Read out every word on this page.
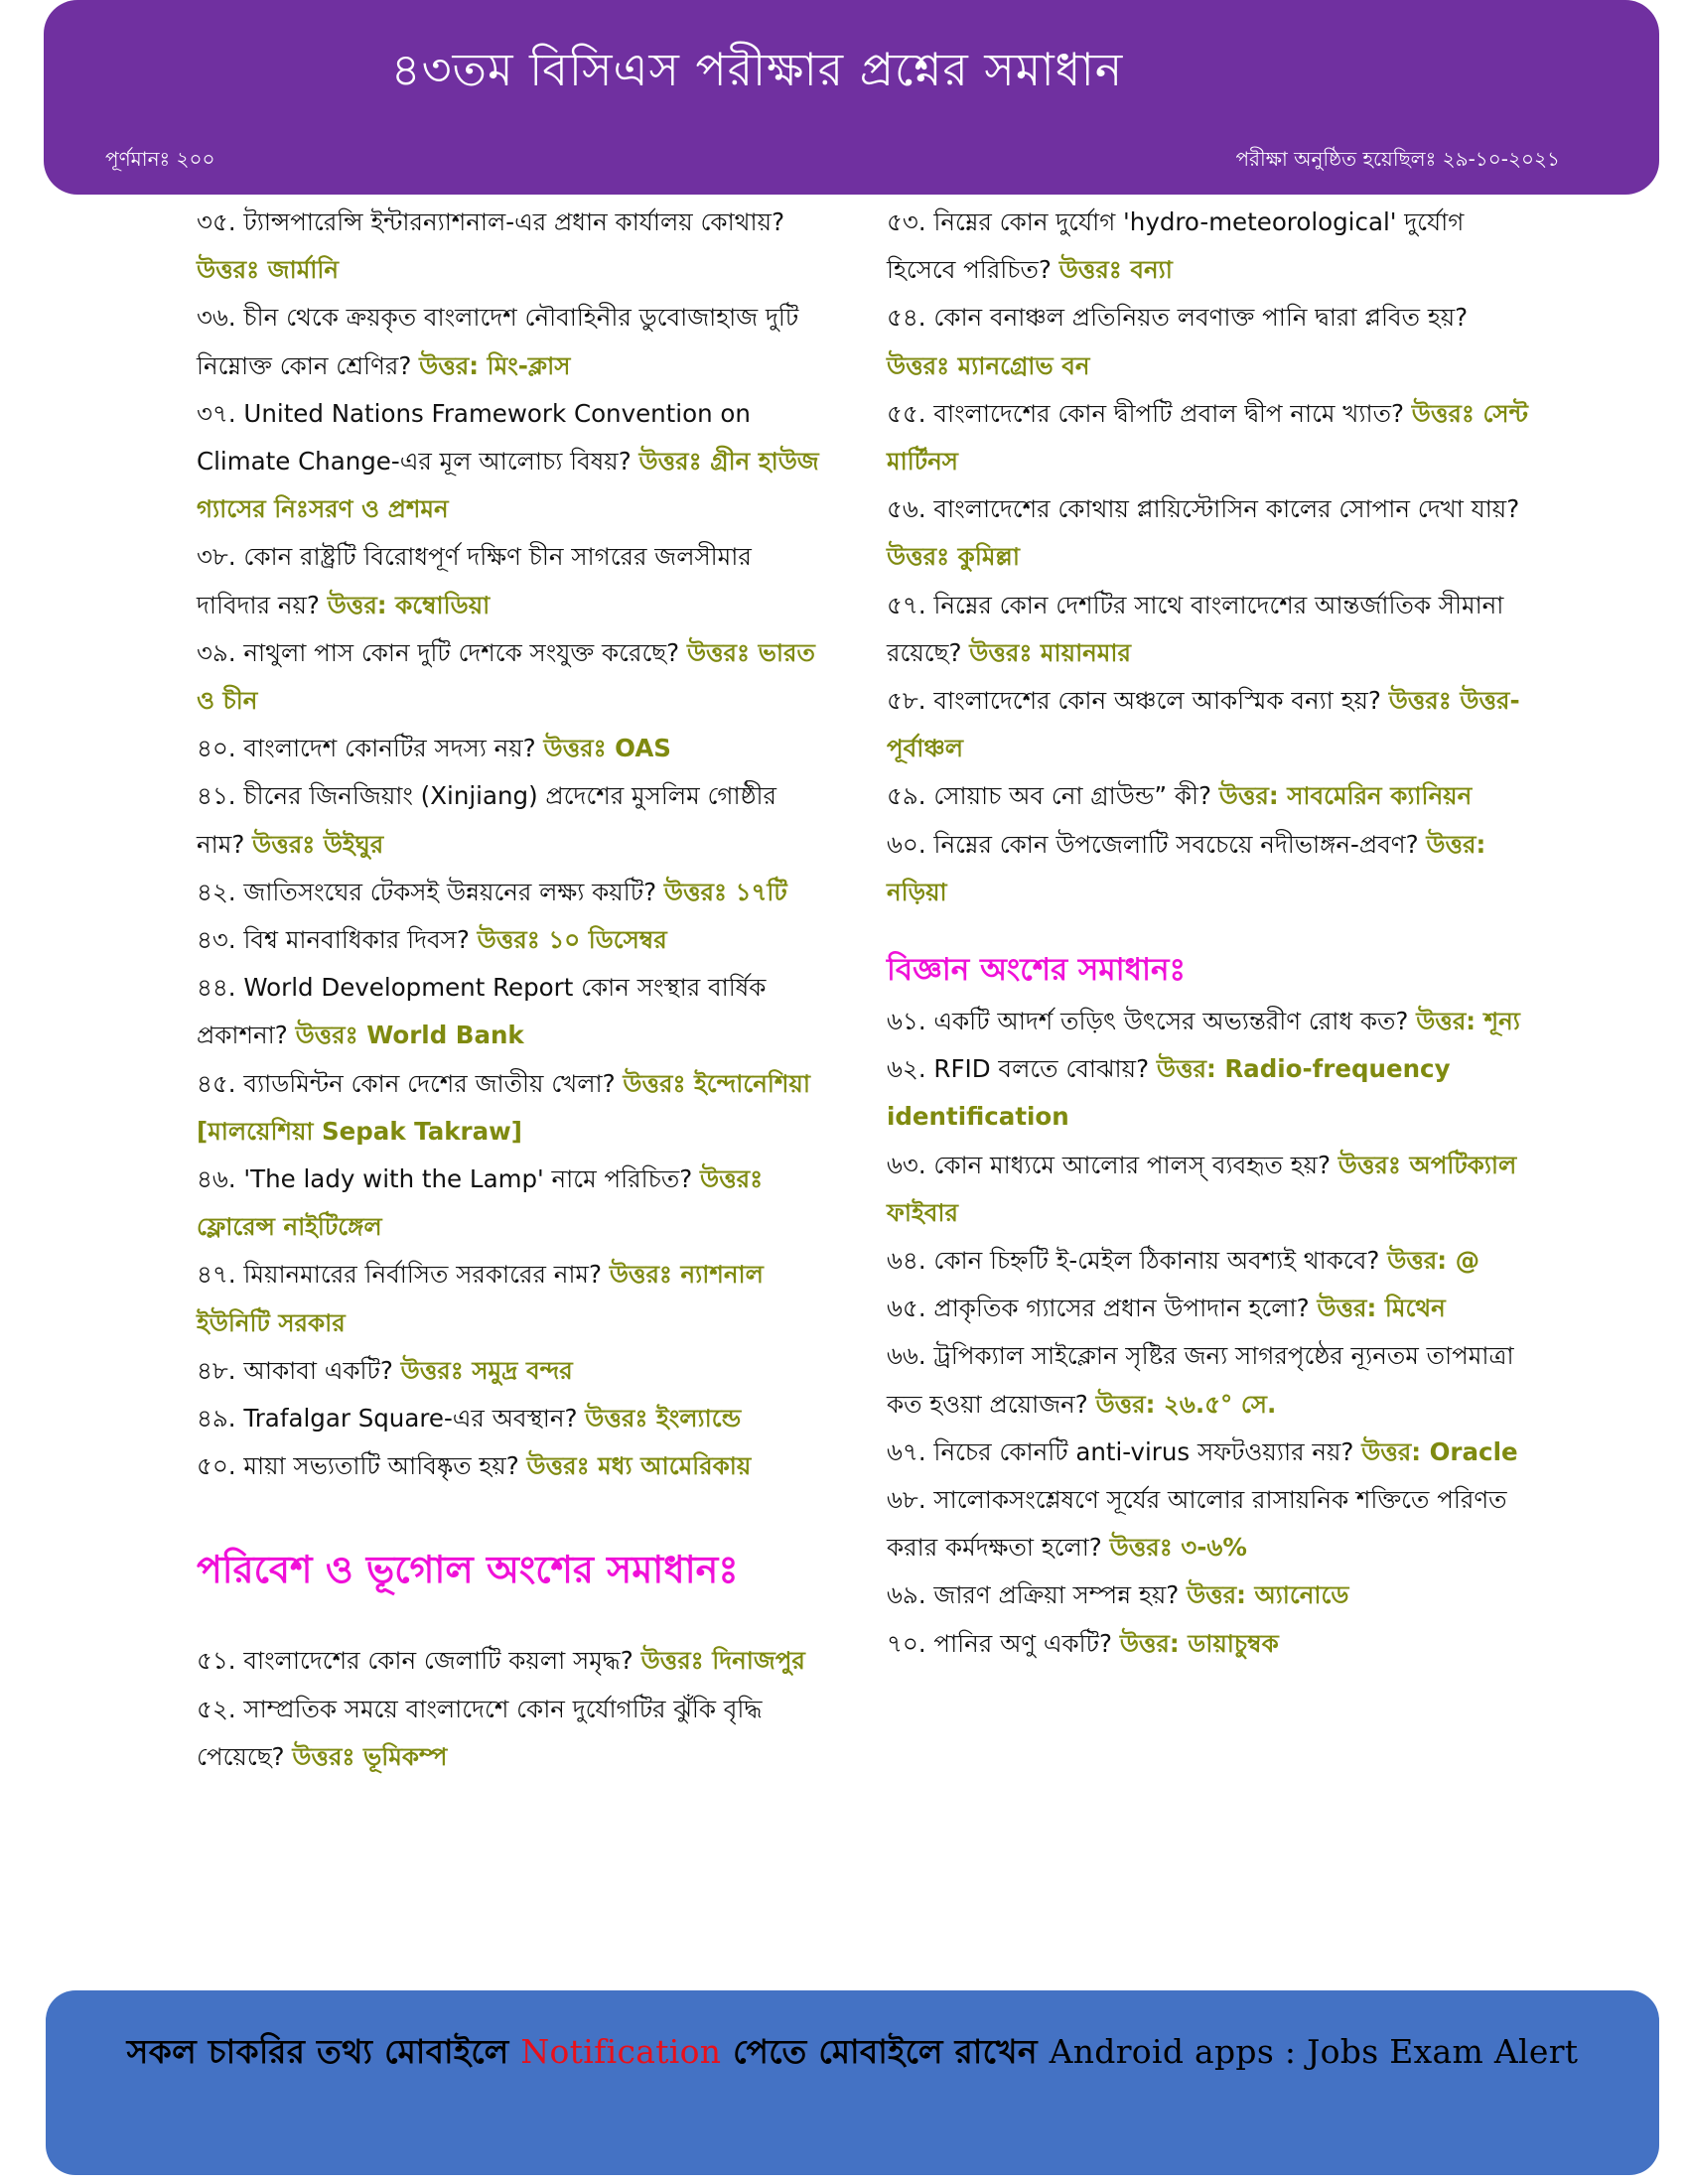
৪৩তম বিসিএস পরীক্ষার প্রশ্নের সমাধান
পূর্ণমানঃ ২০০	পরীক্ষা অনুষ্ঠিত হয়েছিলঃ ২৯-১০-২০২১

৩৫. ট্যান্সপারেন্সি ইন্টারন্যাশনাল-এর প্রধান কার্যালয় কোথায়? উত্তরঃ জার্মানি

৩৬. চীন থেকে ক্রয়কৃত বাংলাদেশ নৌবাহিনীর ডুবোজাহাজ দুটি নিম্নোক্ত কোন শ্রেণির? উত্তর: মিং-ক্লাস

৩৭. United Nations Framework Convention on Climate Change-এর মূল আলোচ্য বিষয়? উত্তরঃ গ্রীন হাউজ গ্যাসের নিঃসরণ ও প্রশমন

৩৮. কোন রাষ্ট্রটি বিরোধপূর্ণ দক্ষিণ চীন সাগরের জলসীমার দাবিদার নয়? উত্তর: কম্বোডিয়া

৩৯. নাথুলা পাস কোন দুটি দেশকে সংযুক্ত করেছে? উত্তরঃ ভারত ও চীন

৪০. বাংলাদেশ কোনটির সদস্য নয়? উত্তরঃ OAS

৪১. চীনের জিনজিয়াং (Xinjiang) প্রদেশের মুসলিম গোষ্ঠীর নাম? উত্তরঃ উইঘুর

৪২. জাতিসংঘের টেকসই উন্নয়নের লক্ষ্য কয়টি? উত্তরঃ ১৭টি

৪৩. বিশ্ব মানবাধিকার দিবস? উত্তরঃ ১০ ডিসেম্বর

৪৪. World Development Report কোন সংস্থার বার্ষিক প্রকাশনা? উত্তরঃ World Bank

৪৫. ব্যাডমিন্টন কোন দেশের জাতীয় খেলা? উত্তরঃ ইন্দোনেশিয়া [মালয়েশিয়া Sepak Takraw]

৪৬. 'The lady with the Lamp' নামে পরিচিত? উত্তরঃ ফ্লোরেন্স নাইটিঙ্গেল

৪৭. মিয়ানমারের নির্বাসিত সরকারের নাম? উত্তরঃ ন্যাশনাল ইউনিটি সরকার

৪৮. আকাবা একটি? উত্তরঃ সমুদ্র বন্দর

৪৯. Trafalgar Square-এর অবস্থান? উত্তরঃ ইংল্যান্ডে

৫০. মায়া সভ্যতাটি আবিষ্কৃত হয়? উত্তরঃ মধ্য আমেরিকায়

পরিবেশ ও ভূগোল অংশের সমাধানঃ

৫১. বাংলাদেশের কোন জেলাটি কয়লা সমৃদ্ধ? উত্তরঃ দিনাজপুর

৫২. সাম্প্রতিক সময়ে বাংলাদেশে কোন দুর্যোগটির ঝুঁকি বৃদ্ধি পেয়েছে? উত্তরঃ ভূমিকম্প

৫৩. নিম্নের কোন দুর্যোগ 'hydro-meteorological' দুর্যোগ হিসেবে পরিচিত? উত্তরঃ বন্যা

৫৪. কোন বনাঞ্চল প্রতিনিয়ত লবণাক্ত পানি দ্বারা প্লবিত হয়? উত্তরঃ ম্যানগ্রোভ বন

৫৫. বাংলাদেশের কোন দ্বীপটি প্রবাল দ্বীপ নামে খ্যাত? উত্তরঃ সেন্ট মার্টিনস

৫৬. বাংলাদেশের কোথায় প্লায়িস্টোসিন কালের সোপান দেখা যায়? উত্তরঃ কুমিল্লা

৫৭. নিম্নের কোন দেশটির সাথে বাংলাদেশের আন্তর্জাতিক সীমানা রয়েছে? উত্তরঃ মায়ানমার

৫৮. বাংলাদেশের কোন অঞ্চলে আকস্মিক বন্যা হয়? উত্তরঃ উত্তর-পূর্বাঞ্চল

৫৯. সোয়াচ অব নো গ্রাউন্ড” কী? উত্তর: সাবমেরিন ক্যানিয়ন

৬০. নিম্নের কোন উপজেলাটি সবচেয়ে নদীভাঙ্গন-প্রবণ? উত্তর: নড়িয়া

বিজ্ঞান অংশের সমাধানঃ

৬১. একটি আদর্শ তড়িৎ উৎসের অভ্যন্তরীণ রোধ কত? উত্তর: শূন্য

৬২. RFID বলতে বোঝায়? উত্তর: Radio-frequency identification

৬৩. কোন মাধ্যমে আলোর পালস্ ব্যবহৃত হয়? উত্তরঃ অপটিক্যাল ফাইবার

৬৪. কোন চিহ্নটি ই-মেইল ঠিকানায় অবশ্যই থাকবে? উত্তর: @

৬৫. প্রাকৃতিক গ্যাসের প্রধান উপাদান হলো? উত্তর: মিথেন

৬৬. ট্রপিক্যাল সাইক্লোন সৃষ্টির জন্য সাগরপৃষ্ঠের ন্যূনতম তাপমাত্রা কত হওয়া প্রয়োজন? উত্তর: ২৬.৫° সে.

৬৭. নিচের কোনটি anti-virus সফটওয়্যার নয়? উত্তর: Oracle

৬৮. সালোকসংশ্লেষণে সূর্যের আলোর রাসায়নিক শক্তিতে পরিণত করার কর্মদক্ষতা হলো? উত্তরঃ ৩-৬%

৬৯. জারণ প্রক্রিয়া সম্পন্ন হয়? উত্তর: অ্যানোডে

৭০. পানির অণু একটি? উত্তর: ডায়াচুম্বক

সকল চাকরির তথ্য মোবাইলে Notification পেতে মোবাইলে রাখেন Android apps : Jobs Exam Alert
